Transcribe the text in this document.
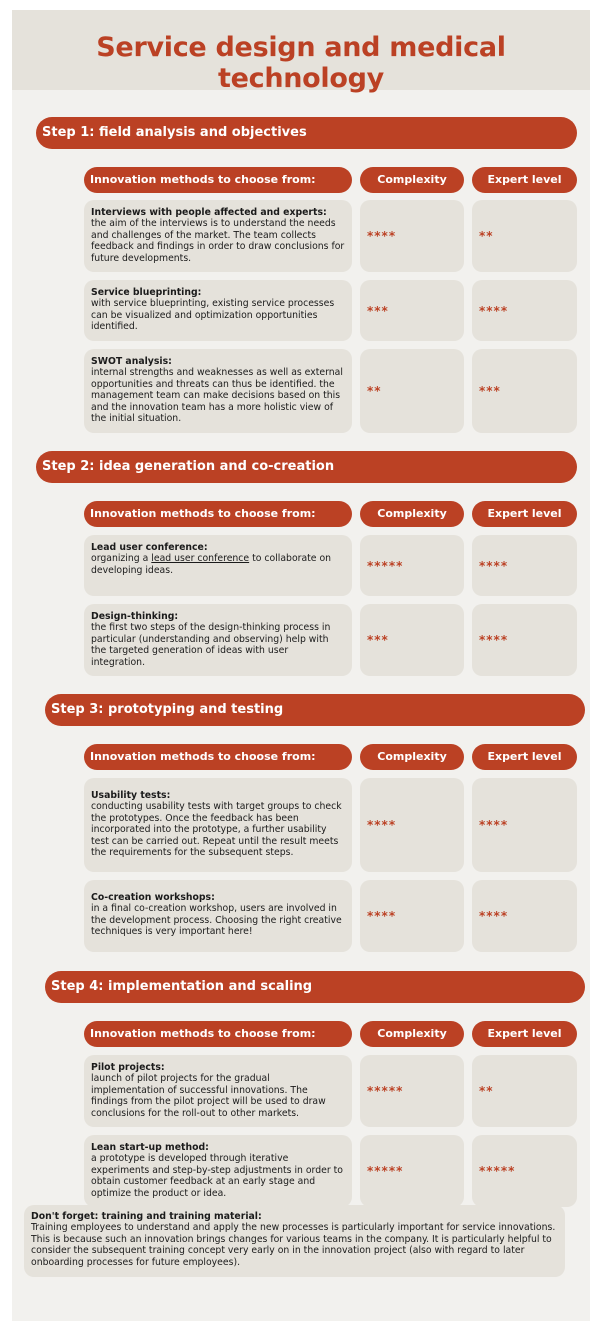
Service design and medical technology
Step 1: field analysis and objectives
Innovation methods to choose from:	Complexity	Expert level
Interviews with people affected and experts:
the aim of the interviews is to understand the needs and challenges of the market. The team collects feedback and findings in order to draw conclusions for future developments.
****	**
Service blueprinting:
with service blueprinting, existing service processes can be visualized and optimization opportunities identified.
***	****
SWOT analysis:
internal strengths and weaknesses as well as external opportunities and threats can thus be identified. the management team can make decisions based on this and the innovation team has a more holistic view of the initial situation.
**	***
Step 2: idea generation and co-creation
Innovation methods to choose from:	Complexity	Expert level
Lead user conference:
organizing a lead user conference to collaborate on developing ideas.	*****	****
Design-thinking:
the first two steps of the design-thinking process in particular (understanding and observing) help with the targeted generation of ideas with user integration.
***	****
Step 3: prototyping and testing
Innovation methods to choose from:	Complexity	Expert level
Usability tests:
conducting usability tests with target groups to check the prototypes. Once the feedback has been incorporated into the prototype, a further usability test can be carried out. Repeat until the result meets the requirements for the subsequent steps.
****	****
Co-creation workshops:
in a final co-creation workshop, users are involved in the development process. Choosing the right creative techniques is very important here!
****	****
Step 4: implementation and scaling
Innovation methods to choose from:	Complexity	Expert level
Pilot projects:
launch of pilot projects for the gradual implementation of successful innovations. The findings from the pilot project will be used to draw conclusions for the roll-out to other markets.
*****	**
Lean start-up method:
a prototype is developed through iterative experiments and step-by-step adjustments in order to obtain customer feedback at an early stage and optimize the product or idea.
*****	*****
Don't forget: training and training material:
Training employees to understand and apply the new processes is particularly important for service innovations. This is because such an innovation brings changes for various teams in the company. It is particularly helpful to consider the subsequent training concept very early on in the innovation project (also with regard to later onboarding processes for future employees).
